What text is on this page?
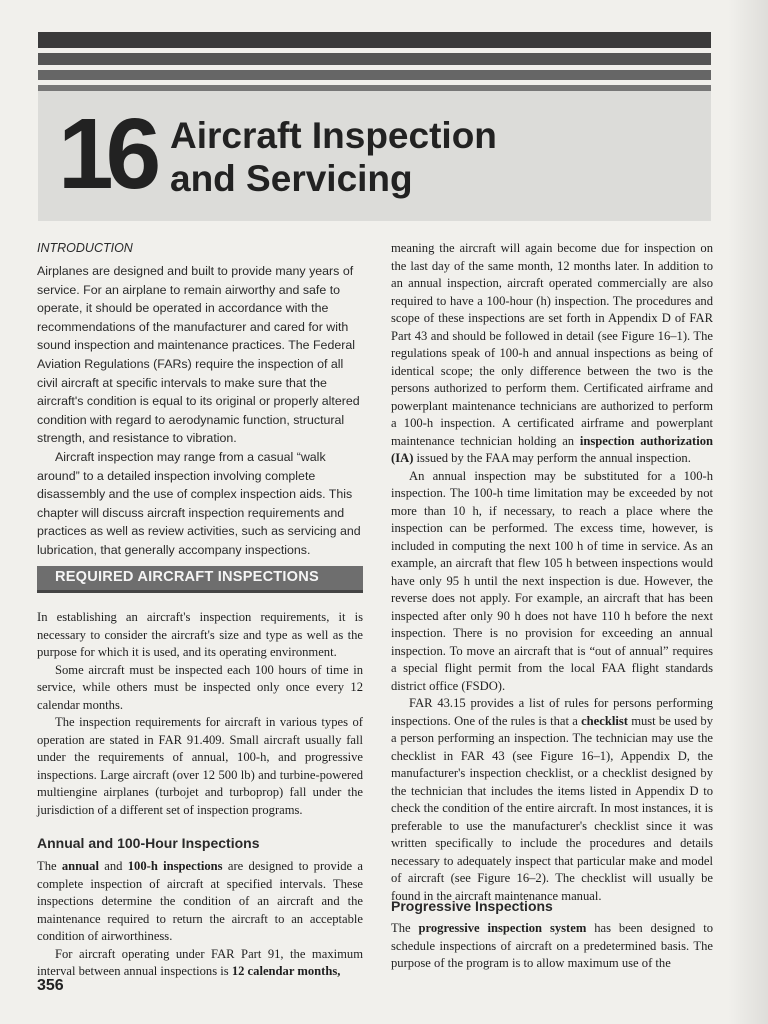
16 Aircraft Inspection
and Servicing
INTRODUCTION

Airplanes are designed and built to provide many years of service. For an airplane to remain airworthy and safe to operate, it should be operated in accordance with the recommendations of the manufacturer and cared for with sound inspection and maintenance practices. The Federal Aviation Regulations (FARs) require the inspection of all civil aircraft at specific intervals to make sure that the aircraft's condition is equal to its original or properly altered condition with regard to aerodynamic function, structural strength, and resistance to vibration.

Aircraft inspection may range from a casual “walk around” to a detailed inspection involving complete disassembly and the use of complex inspection aids. This chapter will discuss aircraft inspection requirements and practices as well as review activities, such as servicing and lubrication, that generally accompany inspections.

REQUIRED AIRCRAFT INSPECTIONS

In establishing an aircraft's inspection requirements, it is necessary to consider the aircraft's size and type as well as the purpose for which it is used, and its operating environment.

Some aircraft must be inspected each 100 hours of time in service, while others must be inspected only once every 12 calendar months.

The inspection requirements for aircraft in various types of operation are stated in FAR 91.409. Small aircraft usually fall under the requirements of annual, 100-h, and progressive inspections. Large aircraft (over 12 500 lb) and turbine-powered multiengine airplanes (turbojet and turboprop) fall under the jurisdiction of a different set of inspection programs.

Annual and 100-Hour Inspections

The annual and 100-h inspections are designed to provide a complete inspection of aircraft at specified intervals. These inspections determine the condition of an aircraft and the maintenance required to return the aircraft to an acceptable condition of airworthiness.

For aircraft operating under FAR Part 91, the maximum interval between annual inspections is 12 calendar months,

356

meaning the aircraft will again become due for inspection on the last day of the same month, 12 months later. In addition to an annual inspection, aircraft operated commercially are also required to have a 100-hour (h) inspection. The procedures and scope of these inspections are set forth in Appendix D of FAR Part 43 and should be followed in detail (see Figure 16–1). The regulations speak of 100-h and annual inspections as being of identical scope; the only difference between the two is the persons authorized to perform them. Certificated airframe and powerplant maintenance technicians are authorized to perform a 100-h inspection. A certificated airframe and powerplant maintenance technician holding an inspection authorization (IA) issued by the FAA may perform the annual inspection.

An annual inspection may be substituted for a 100-h inspection. The 100-h time limitation may be exceeded by not more than 10 h, if necessary, to reach a place where the inspection can be performed. The excess time, however, is included in computing the next 100 h of time in service. As an example, an aircraft that flew 105 h between inspections would have only 95 h until the next inspection is due. However, the reverse does not apply. For example, an aircraft that has been inspected after only 90 h does not have 110 h before the next inspection. There is no provision for exceeding an annual inspection. To move an aircraft that is “out of annual” requires a special flight permit from the local FAA flight standards district office (FSDO).

FAR 43.15 provides a list of rules for persons performing inspections. One of the rules is that a checklist must be used by a person performing an inspection. The technician may use the checklist in FAR 43 (see Figure 16–1), Appendix D, the manufacturer's inspection checklist, or a checklist designed by the technician that includes the items listed in Appendix D to check the condition of the entire aircraft. In most instances, it is preferable to use the manufacturer's checklist since it was written specifically to include the procedures and details necessary to adequately inspect that particular make and model of aircraft (see Figure 16–2). The checklist will usually be found in the aircraft maintenance manual.

Progressive Inspections

The progressive inspection system has been designed to schedule inspections of aircraft on a predetermined basis. The purpose of the program is to allow maximum use of the
